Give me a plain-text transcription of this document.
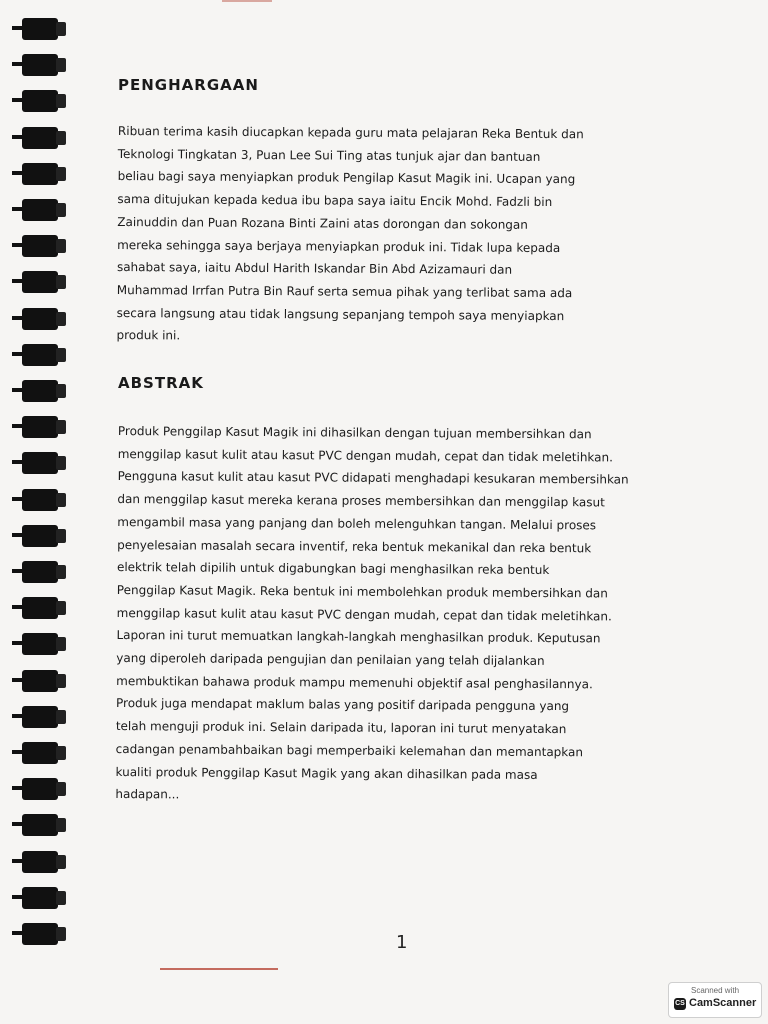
PENGHARGAAN
Ribuan terima kasih diucapkan kepada guru mata pelajaran Reka Bentuk dan
Teknologi Tingkatan 3, Puan Lee Sui Ting atas tunjuk ajar dan bantuan
beliau bagi saya menyiapkan produk Pengilap Kasut Magik ini. Ucapan yang
sama ditujukan kepada kedua ibu bapa saya iaitu Encik Mohd. Fadzli bin
Zainuddin dan Puan Rozana Binti Zaini atas dorongan dan sokongan
mereka sehingga saya berjaya menyiapkan produk ini. Tidak lupa kepada
sahabat saya, iaitu Abdul Harith Iskandar Bin Abd Azizamauri dan
Muhammad Irrfan Putra Bin Rauf serta semua pihak yang terlibat sama ada
secara langsung atau tidak langsung sepanjang tempoh saya menyiapkan
produk ini.
ABSTRAK
Produk Penggilap Kasut Magik ini dihasilkan dengan tujuan membersihkan dan
menggilap kasut kulit atau kasut PVC dengan mudah, cepat dan tidak meletihkan.
Pengguna kasut kulit atau kasut PVC didapati menghadapi kesukaran membersihkan
dan menggilap kasut mereka kerana proses membersihkan dan menggilap kasut
mengambil masa yang panjang dan boleh melenguhkan tangan. Melalui proses
penyelesaian masalah secara inventif, reka bentuk mekanikal dan reka bentuk
elektrik telah dipilih untuk digabungkan bagi menghasilkan reka bentuk
Penggilap Kasut Magik. Reka bentuk ini membolehkan produk membersihkan dan
menggilap kasut kulit atau kasut PVC dengan mudah, cepat dan tidak meletihkan.
Laporan ini turut memuatkan langkah-langkah menghasilkan produk. Keputusan
yang diperoleh daripada pengujian dan penilaian yang telah dijalankan
membuktikan bahawa produk mampu memenuhi objektif asal penghasilannya.
Produk juga mendapat maklum balas yang positif daripada pengguna yang
telah menguji produk ini. Selain daripada itu, laporan ini turut menyatakan
cadangan penambahbaikan bagi memperbaiki kelemahan dan memantapkan
kualiti produk Penggilap Kasut Magik yang akan dihasilkan pada masa
hadapan...
1
Scanned with
CS CamScanner
